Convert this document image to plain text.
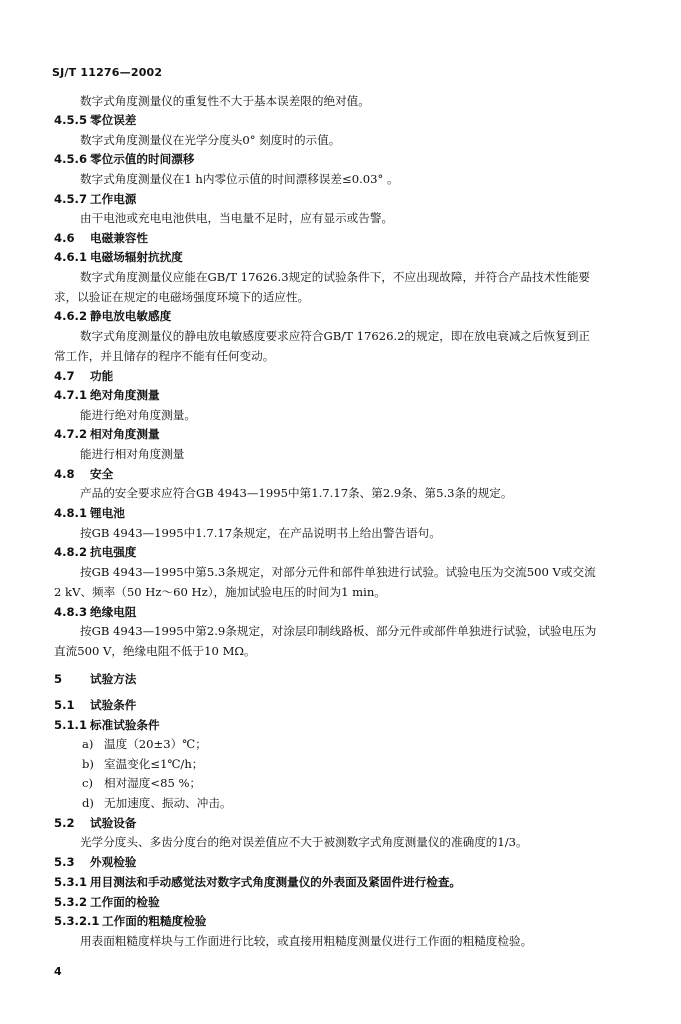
SJ/T 11276—2002
数字式角度测量仪的重复性不大于基本误差限的绝对值。
4.5.5 零位误差
数字式角度测量仪在光学分度头0° 刻度时的示值。
4.5.6 零位示值的时间漂移
数字式角度测量仪在1 h内零位示值的时间漂移误差≤0.03° 。
4.5.7 工作电源
由干电池或充电电池供电，当电量不足时，应有显示或告警。
4.6 电磁兼容性
4.6.1 电磁场辐射抗扰度
数字式角度测量仪应能在GB/T 17626.3规定的试验条件下，不应出现故障，并符合产品技术性能要
求，以验证在规定的电磁场强度环境下的适应性。
4.6.2 静电放电敏感度
数字式角度测量仪的静电放电敏感度要求应符合GB/T 17626.2的规定，即在放电衰减之后恢复到正
常工作，并且储存的程序不能有任何变动。
4.7 功能
4.7.1 绝对角度测量
能进行绝对角度测量。
4.7.2 相对角度测量
能进行相对角度测量
4.8 安全
产品的安全要求应符合GB 4943—1995中第1.7.17条、第2.9条、第5.3条的规定。
4.8.1 锂电池
按GB 4943—1995中1.7.17条规定，在产品说明书上给出警告语句。
4.8.2 抗电强度
按GB 4943—1995中第5.3条规定，对部分元件和部件单独进行试验。试验电压为交流500 V或交流
2 kV、频率（50 Hz～60 Hz），施加试验电压的时间为1 min。
4.8.3 绝缘电阻
按GB 4943—1995中第2.9条规定，对涂层印制线路板、部分元件或部件单独进行试验，试验电压为
直流500 V，绝缘电阻不低于10 MΩ。
5 试验方法
5.1 试验条件
5.1.1 标准试验条件
a) 温度（20±3）℃；
b) 室温变化≤1℃/h；
c) 相对湿度<85 %；
d) 无加速度、振动、冲击。
5.2 试验设备
光学分度头、多齿分度台的绝对误差值应不大于被测数字式角度测量仪的准确度的1/3。
5.3 外观检验
5.3.1 用目测法和手动感觉法对数字式角度测量仪的外表面及紧固件进行检查。
5.3.2 工作面的检验
5.3.2.1 工作面的粗糙度检验
用表面粗糙度样块与工作面进行比较，或直接用粗糙度测量仪进行工作面的粗糙度检验。
4
